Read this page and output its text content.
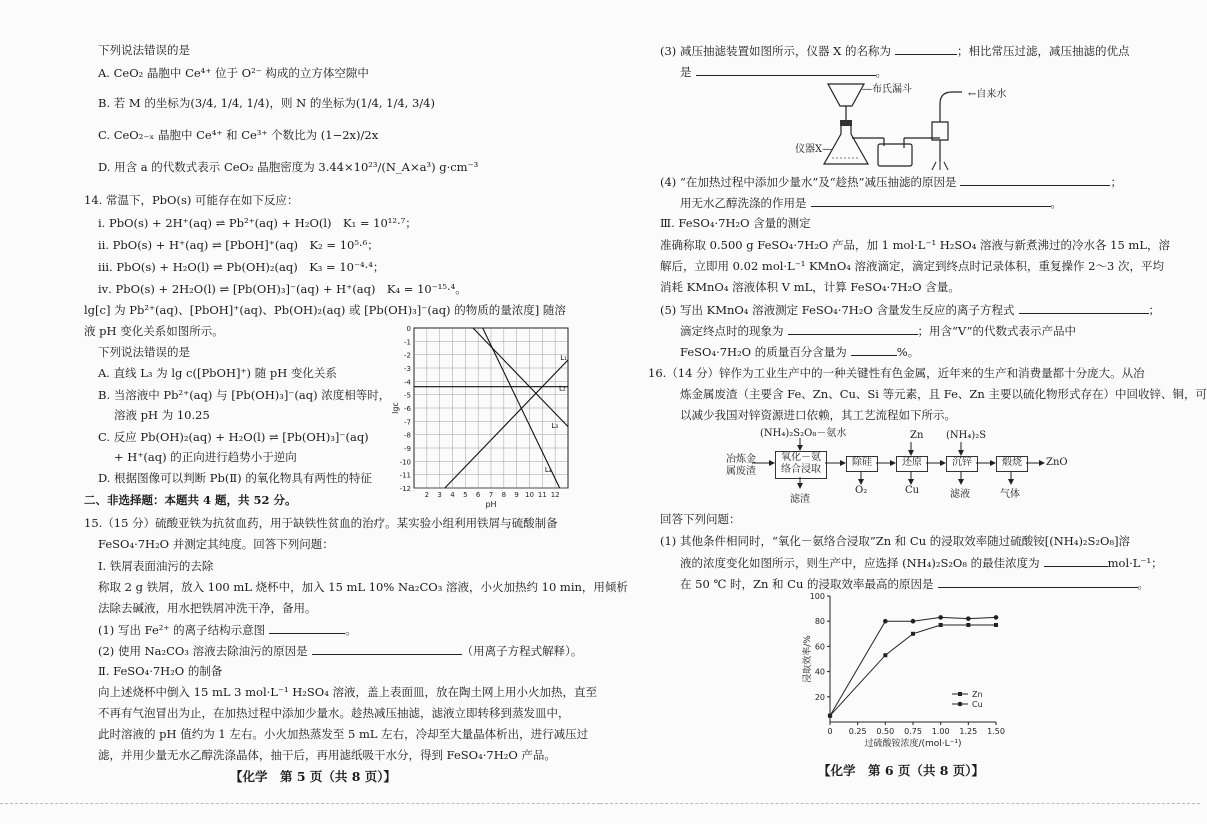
下列说法错误的是
A. CeO₂ 晶胞中 Ce⁴⁺ 位于 O²⁻ 构成的立方体空隙中
B. 若 M 的坐标为(3/4, 1/4, 1/4)，则 N 的坐标为(1/4, 1/4, 3/4)
C. CeO₂₋ₓ 晶胞中 Ce⁴⁺ 和 Ce³⁺ 个数比为 (1−2x)/2x
D. 用含 a 的代数式表示 CeO₂ 晶胞密度为 3.44×10²³/(N_A×a³) g·cm⁻³
14. 常温下，PbO(s) 可能存在如下反应：
ⅰ. PbO(s) + 2H⁺(aq) ⇌ Pb²⁺(aq) + H₂O(l)　K₁ = 10¹²·⁷；
ⅱ. PbO(s) + H⁺(aq) ⇌ [PbOH]⁺(aq)　K₂ = 10⁵·⁶；
ⅲ. PbO(s) + H₂O(l) ⇌ Pb(OH)₂(aq)　K₃ = 10⁻⁴·⁴；
ⅳ. PbO(s) + 2H₂O(l) ⇌ [Pb(OH)₃]⁻(aq) + H⁺(aq)　K₄ = 10⁻¹⁵·⁴。
lg[c] 为 Pb²⁺(aq)、[PbOH]⁺(aq)、Pb(OH)₂(aq) 或 [Pb(OH)₃]⁻(aq) 的物质的量浓度] 随溶
液 pH 变化关系如图所示。
下列说法错误的是
A. 直线 L₃ 为 lg c([PbOH]⁺) 随 pH 变化关系
B. 当溶液中 Pb²⁺(aq) 与 [Pb(OH)₃]⁻(aq) 浓度相等时，
溶液 pH 为 10.25
C. 反应 Pb(OH)₂(aq) + H₂O(l) ⇌ [Pb(OH)₃]⁻(aq)
+ H⁺(aq) 的正向进行趋势小于逆向
D. 根据图像可以判断 Pb(Ⅱ) 的氧化物具有两性的特征
0
-1
-2
-3
-4
-5
-6
-7
-8
-9
-10
-11
-12
2 3 4 5 6 7 8 9 10 11 12
lgc
pH
L₁
L₂
L₃
L₄
二、非选择题：本题共 4 题，共 52 分。
15.（15 分）硫酸亚铁为抗贫血药，用于缺铁性贫血的治疗。某实验小组利用铁屑与硫酸制备
FeSO₄·7H₂O 并测定其纯度。回答下列问题：
Ⅰ. 铁屑表面油污的去除
称取 2 g 铁屑，放入 100 mL 烧杯中，加入 15 mL 10% Na₂CO₃ 溶液，小火加热约 10 min，用倾析
法除去碱液，用水把铁屑冲洗干净，备用。
(1) 写出 Fe²⁺ 的离子结构示意图	。
(2) 使用 Na₂CO₃ 溶液去除油污的原因是	（用离子方程式解释）。
Ⅱ. FeSO₄·7H₂O 的制备
向上述烧杯中倒入 15 mL 3 mol·L⁻¹ H₂SO₄ 溶液，盖上表面皿，放在陶土网上用小火加热，直至
不再有气泡冒出为止，在加热过程中添加少量水。趁热减压抽滤，滤液立即转移到蒸发皿中，
此时溶液的 pH 值约为 1 左右。小火加热蒸发至 5 mL 左右，冷却至大量晶体析出，进行减压过
滤，并用少量无水乙醇洗涤晶体，抽干后，再用滤纸吸干水分，得到 FeSO₄·7H₂O 产品。
【化学　第 5 页（共 8 页）】
(3) 减压抽滤装置如图所示，仪器 X 的名称为	；相比常压过滤，减压抽滤的优点
是	。
—布氏漏斗	←自来水
仪器X—
(4) “在加热过程中添加少量水”及“趁热”减压抽滤的原因是	；
用无水乙醇洗涤的作用是	。
Ⅲ. FeSO₄·7H₂O 含量的测定
准确称取 0.500 g FeSO₄·7H₂O 产品，加 1 mol·L⁻¹ H₂SO₄ 溶液与新煮沸过的冷水各 15 mL，溶
解后，立即用 0.02 mol·L⁻¹ KMnO₄ 溶液滴定，滴定到终点时记录体积，重复操作 2～3 次，平均
消耗 KMnO₄ 溶液体积 V mL，计算 FeSO₄·7H₂O 含量。
(5) 写出 KMnO₄ 溶液测定 FeSO₄·7H₂O 含量发生反应的离子方程式	；
滴定终点时的现象为	；用含“V”的代数式表示产品中
FeSO₄·7H₂O 的质量百分含量为	%。
16.（14 分）锌作为工业生产中的一种关键性有色金属，近年来的生产和消费量都十分庞大。从冶
炼金属废渣（主要含 Fe、Zn、Cu、Si 等元素，且 Fe、Zn 主要以硫化物形式存在）中回收锌、铜，可
以减少我国对锌资源进口依赖，其工艺流程如下所示。
(NH₄)₂S₂O₈－氨水	Zn (NH₄)₂S
冶炼金
属废渣
氧化－氨
络合浸取
除硅	还原	沉锌	煅烧	ZnO
滤渣
O₂	Cu	滤液	气体
回答下列问题：
(1) 其他条件相同时，“氧化－氨络合浸取”Zn 和 Cu 的浸取效率随过硫酸铵[(NH₄)₂S₂O₈]溶
液的浓度变化如图所示，则生产中，应选择 (NH₄)₂S₂O₈ 的最佳浓度为	mol·L⁻¹；
在 50 ℃ 时，Zn 和 Cu 的浸取效率最高的原因是	。
20
40
60
80
100
0 0.25 0.50 0.75 1.00 1.25 1.50
过硫酸铵浓度/(mol·L⁻¹)
浸取效率/%
Zn
Cu
【化学　第 6 页（共 8 页）】
